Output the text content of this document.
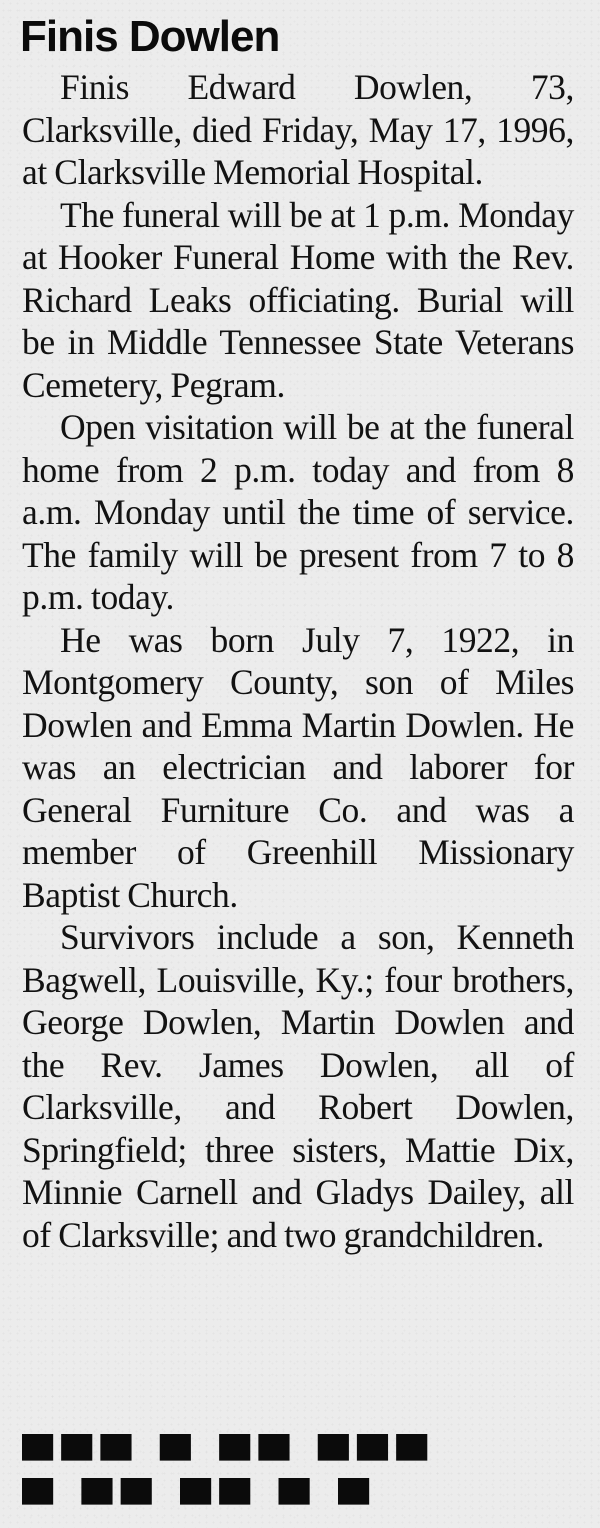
Finis Dowlen

Finis Edward Dowlen, 73, Clarksville, died Friday, May 17, 1996, at Clarksville Memorial Hospital.

The funeral will be at 1 p.m. Monday at Hooker Funeral Home with the Rev. Richard Leaks officiating. Burial will be in Middle Tennessee State Veterans Cemetery, Pegram.

Open visitation will be at the funeral home from 2 p.m. today and from 8 a.m. Monday until the time of service. The family will be present from 7 to 8 p.m. today.

He was born July 7, 1922, in Montgomery County, son of Miles Dowlen and Emma Martin Dowlen. He was an electrician and laborer for General Furniture Co. and was a member of Greenhill Missionary Baptist Church.

Survivors include a son, Kenneth Bagwell, Louisville, Ky.; four brothers, George Dowlen, Martin Dowlen and the Rev. James Dowlen, all of Clarksville, and Robert Dowlen, Springfield; three sisters, Mattie Dix, Minnie Carnell and Gladys Dailey, all of Clarksville; and two grandchildren.

▀▀▀ ▀ ▀▀ ▀▀▀ ▀ ▀▀ ▀▀ ▀ ▀
